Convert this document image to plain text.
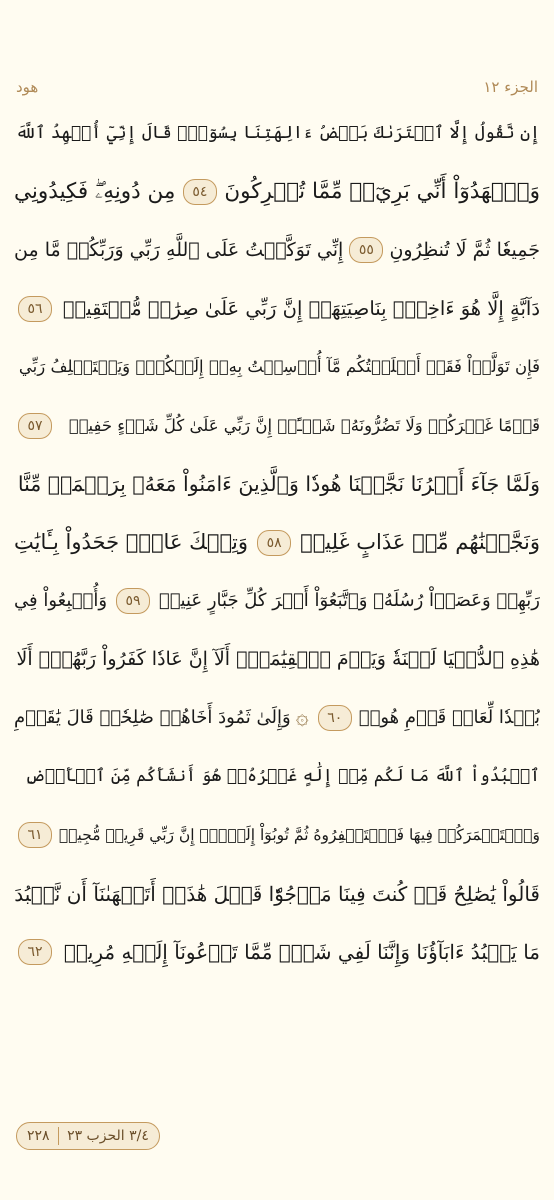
هود	الجزء ١٢
إِن نَّقُولُ إِلَّا ٱعۡتَرَىٰكَ بَعۡضُ ءَالِهَتِنَا بِسُوٓءٖۗ قَالَ إِنِّيٓ أُشۡهِدُ ٱللَّهَ
وَٱشۡهَدُوٓاْ أَنِّي بَرِيٓءٞ مِّمَّا تُشۡرِكُونَ
٥٤
مِن دُونِهِۦۖ فَكِيدُونِي
جَمِيعٗا ثُمَّ لَا تُنظِرُونِ
٥٥
إِنِّي تَوَكَّلۡتُ عَلَى ٱللَّهِ رَبِّي وَرَبِّكُمۚ مَّا مِن
دَآبَّةٍ إِلَّا هُوَ ءَاخِذُۢ بِنَاصِيَتِهَآۚ إِنَّ رَبِّي عَلَىٰ صِرَٰطٖ مُّسۡتَقِيمٖ
٥٦
فَإِن تَوَلَّوۡاْ فَقَدۡ أَبۡلَغۡتُكُم مَّآ أُرۡسِلۡتُ بِهِۦٓ إِلَيۡكُمۡۚ وَيَسۡتَخۡلِفُ رَبِّي
قَوۡمًا غَيۡرَكُمۡ وَلَا تَضُرُّونَهُۥ شَيۡـًٔاۚ إِنَّ رَبِّي عَلَىٰ كُلِّ شَيۡءٍ حَفِيظٞ
٥٧
وَلَمَّا جَآءَ أَمۡرُنَا نَجَّيۡنَا هُودٗا وَٱلَّذِينَ ءَامَنُواْ مَعَهُۥ بِرَحۡمَةٖ مِّنَّا
وَنَجَّيۡنَٰهُم مِّنۡ عَذَابٍ غَلِيظٖ
٥٨
وَتِلۡكَ عَادٞۖ جَحَدُواْ بِـَٔايَٰتِ
رَبِّهِمۡ وَعَصَوۡاْ رُسُلَهُۥ وَٱتَّبَعُوٓاْ أَمۡرَ كُلِّ جَبَّارٍ عَنِيدٖ
٥٩
وَأُتۡبِعُواْ فِي
هَٰذِهِ ٱلدُّنۡيَا لَعۡنَةٗ وَيَوۡمَ ٱلۡقِيَٰمَةِۗ أَلَآ إِنَّ عَادٗا كَفَرُواْ رَبَّهُمۡۗ أَلَا
بُعۡدٗا لِّعَادٖ قَوۡمِ هُودٖ
٦٠
۞
وَإِلَىٰ ثَمُودَ أَخَاهُمۡ صَٰلِحٗاۚ قَالَ يَٰقَوۡمِ
ٱعۡبُدُواْ ٱللَّهَ مَا لَكُم مِّنۡ إِلَٰهٍ غَيۡرُهُۥۖ هُوَ أَنشَأَكُم مِّنَ ٱلۡأَرۡضِ
وَٱسۡتَعۡمَرَكُمۡ فِيهَا فَٱسۡتَغۡفِرُوهُ ثُمَّ تُوبُوٓاْ إِلَيۡهِۚ إِنَّ رَبِّي قَرِيبٞ مُّجِيبٞ
٦١
قَالُواْ يَٰصَٰلِحُ قَدۡ كُنتَ فِينَا مَرۡجُوّٗا قَبۡلَ هَٰذَآۖ أَتَنۡهَىٰنَآ أَن نَّعۡبُدَ
مَا يَعۡبُدُ ءَابَآؤُنَا وَإِنَّنَا لَفِي شَكّٖ مِّمَّا تَدۡعُونَآ إِلَيۡهِ مُرِيبٖ
٦٢
٢٢٨	٣/٤ الحزب ٢٣
